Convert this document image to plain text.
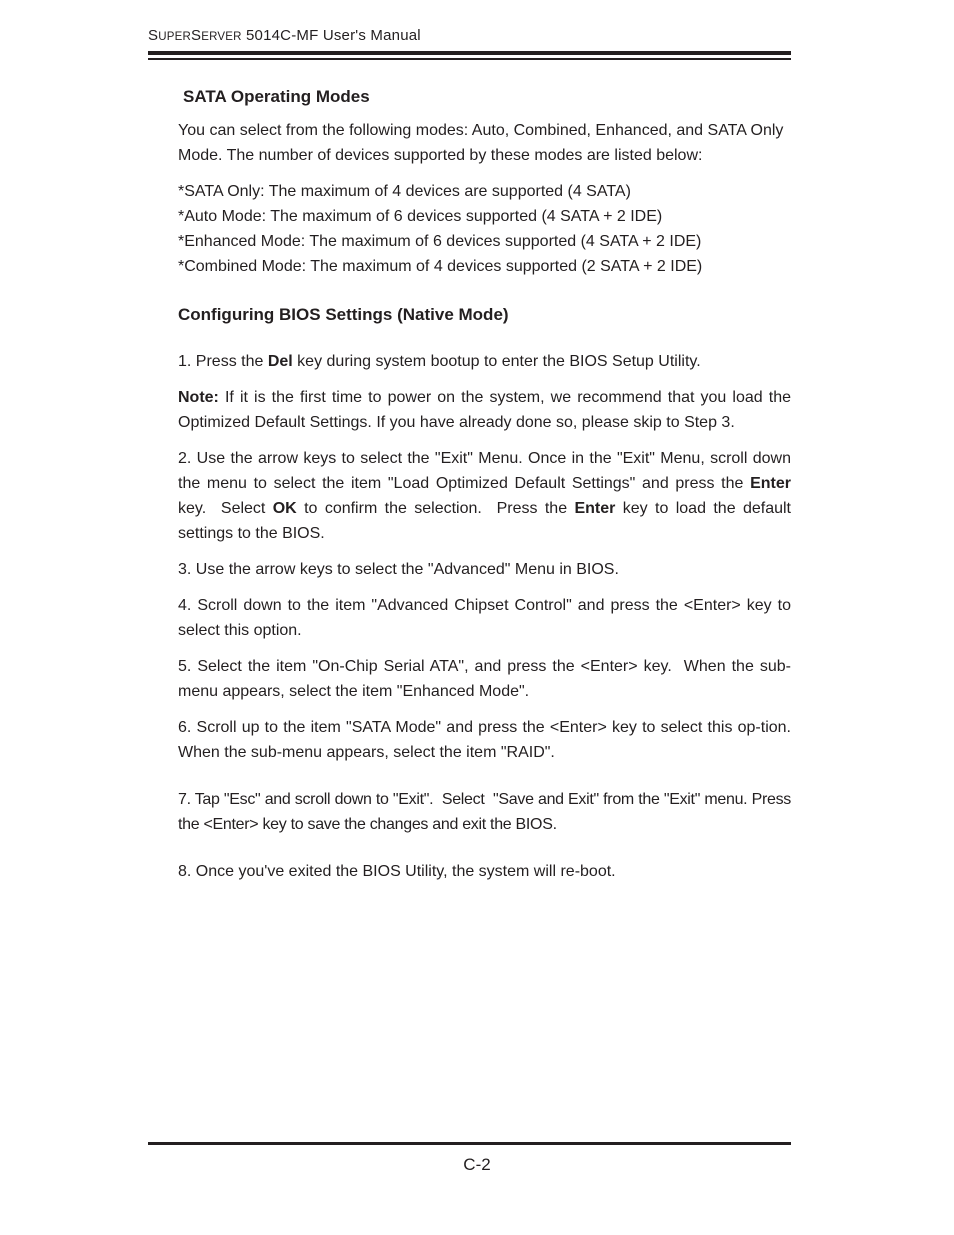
SUPERSERVER 5014C-MF User's Manual
SATA Operating Modes

You can select from the following modes: Auto, Combined, Enhanced, and SATA Only Mode. The number of devices supported by these modes are listed below:

*SATA Only: The maximum of 4 devices are supported (4 SATA)

*Auto Mode: The maximum of 6 devices supported (4 SATA + 2 IDE)

*Enhanced Mode: The maximum of 6 devices supported (4 SATA + 2 IDE)

*Combined Mode: The maximum of 4 devices supported (2 SATA + 2 IDE)

Configuring BIOS Settings (Native Mode)

1. Press the Del key during system bootup to enter the BIOS Setup Utility.

Note: If it is the first time to power on the system, we recommend that you load the Optimized Default Settings. If you have already done so, please skip to Step 3.

2. Use the arrow keys to select the "Exit" Menu. Once in the "Exit" Menu, scroll down the menu to select the item "Load Optimized Default Settings" and press the Enter key.  Select OK to confirm the selection.  Press the Enter key to load the default settings to the BIOS.

3. Use the arrow keys to select the "Advanced" Menu in BIOS.

4. Scroll down to the item "Advanced Chipset Control" and press the <Enter> key to select this option.

5. Select the item "On-Chip Serial ATA", and press the <Enter> key.  When the sub-menu appears, select the item "Enhanced Mode".

6. Scroll up to the item "SATA Mode" and press the <Enter> key to select this op-tion. When the sub-menu appears, select the item "RAID".

7. Tap "Esc" and scroll down to "Exit".  Select  "Save and Exit" from the "Exit" menu. Press the <Enter> key to save the changes and exit the BIOS.

8. Once you've exited the BIOS Utility, the system will re-boot.

C-2
